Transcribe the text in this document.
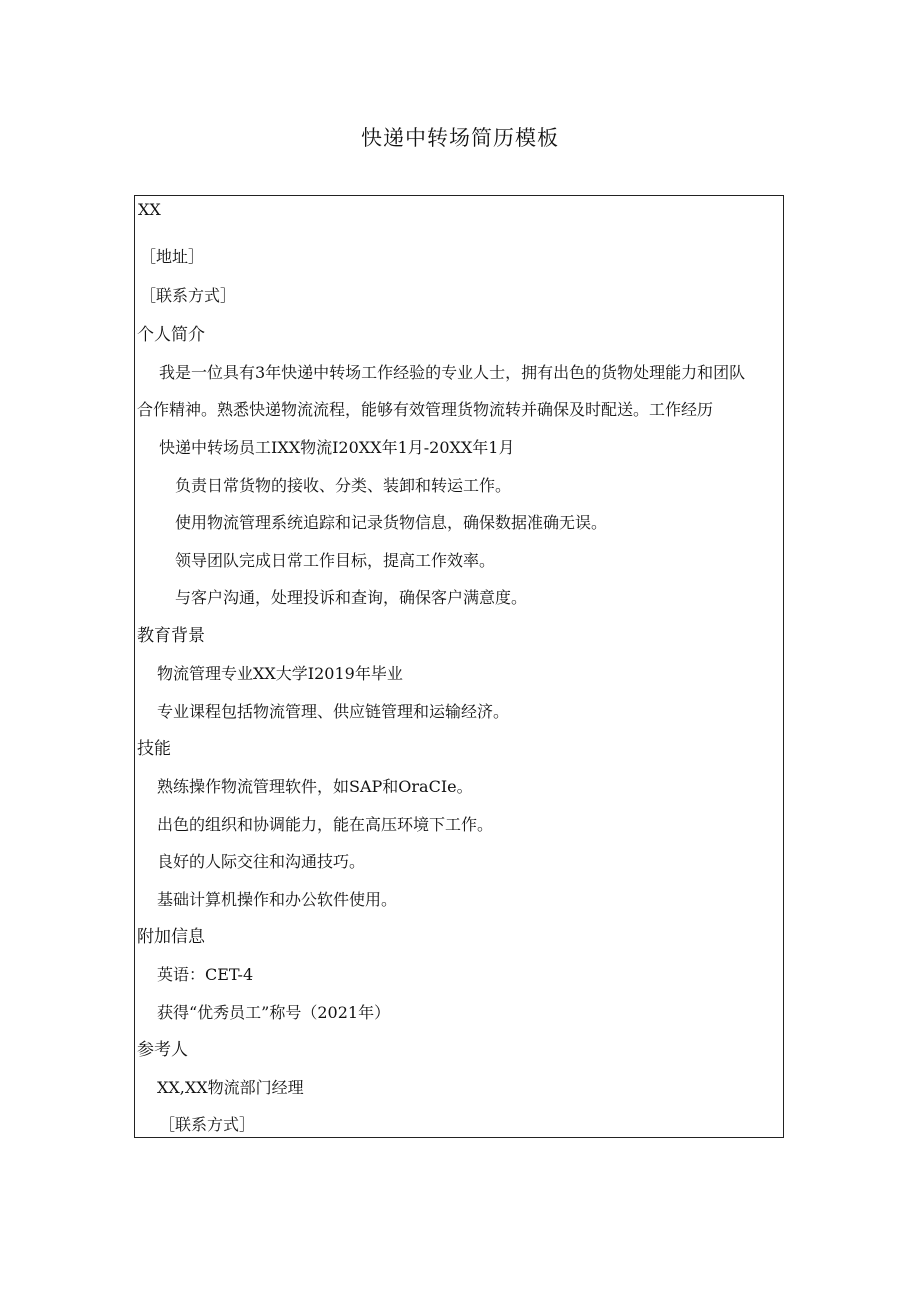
快递中转场简历模板
XX
［地址］
［联系方式］
个人简介
我是一位具有3年快递中转场工作经验的专业人士，拥有出色的货物处理能力和团队
合作精神。熟悉快递物流流程，能够有效管理货物流转并确保及时配送。工作经历
快递中转场员工IXX物流I20XX年1月-20XX年1月
负责日常货物的接收、分类、装卸和转运工作。
使用物流管理系统追踪和记录货物信息，确保数据准确无误。
领导团队完成日常工作目标，提高工作效率。
与客户沟通，处理投诉和查询，确保客户满意度。
教育背景
物流管理专业XX大学I2019年毕业
专业课程包括物流管理、供应链管理和运输经济。
技能
熟练操作物流管理软件，如SAP和OraCIe。
出色的组织和协调能力，能在高压环境下工作。
良好的人际交往和沟通技巧。
基础计算机操作和办公软件使用。
附加信息
英语：CET-4
获得“优秀员工”称号（2021年）
参考人
XX,XX物流部门经理
［联系方式］
